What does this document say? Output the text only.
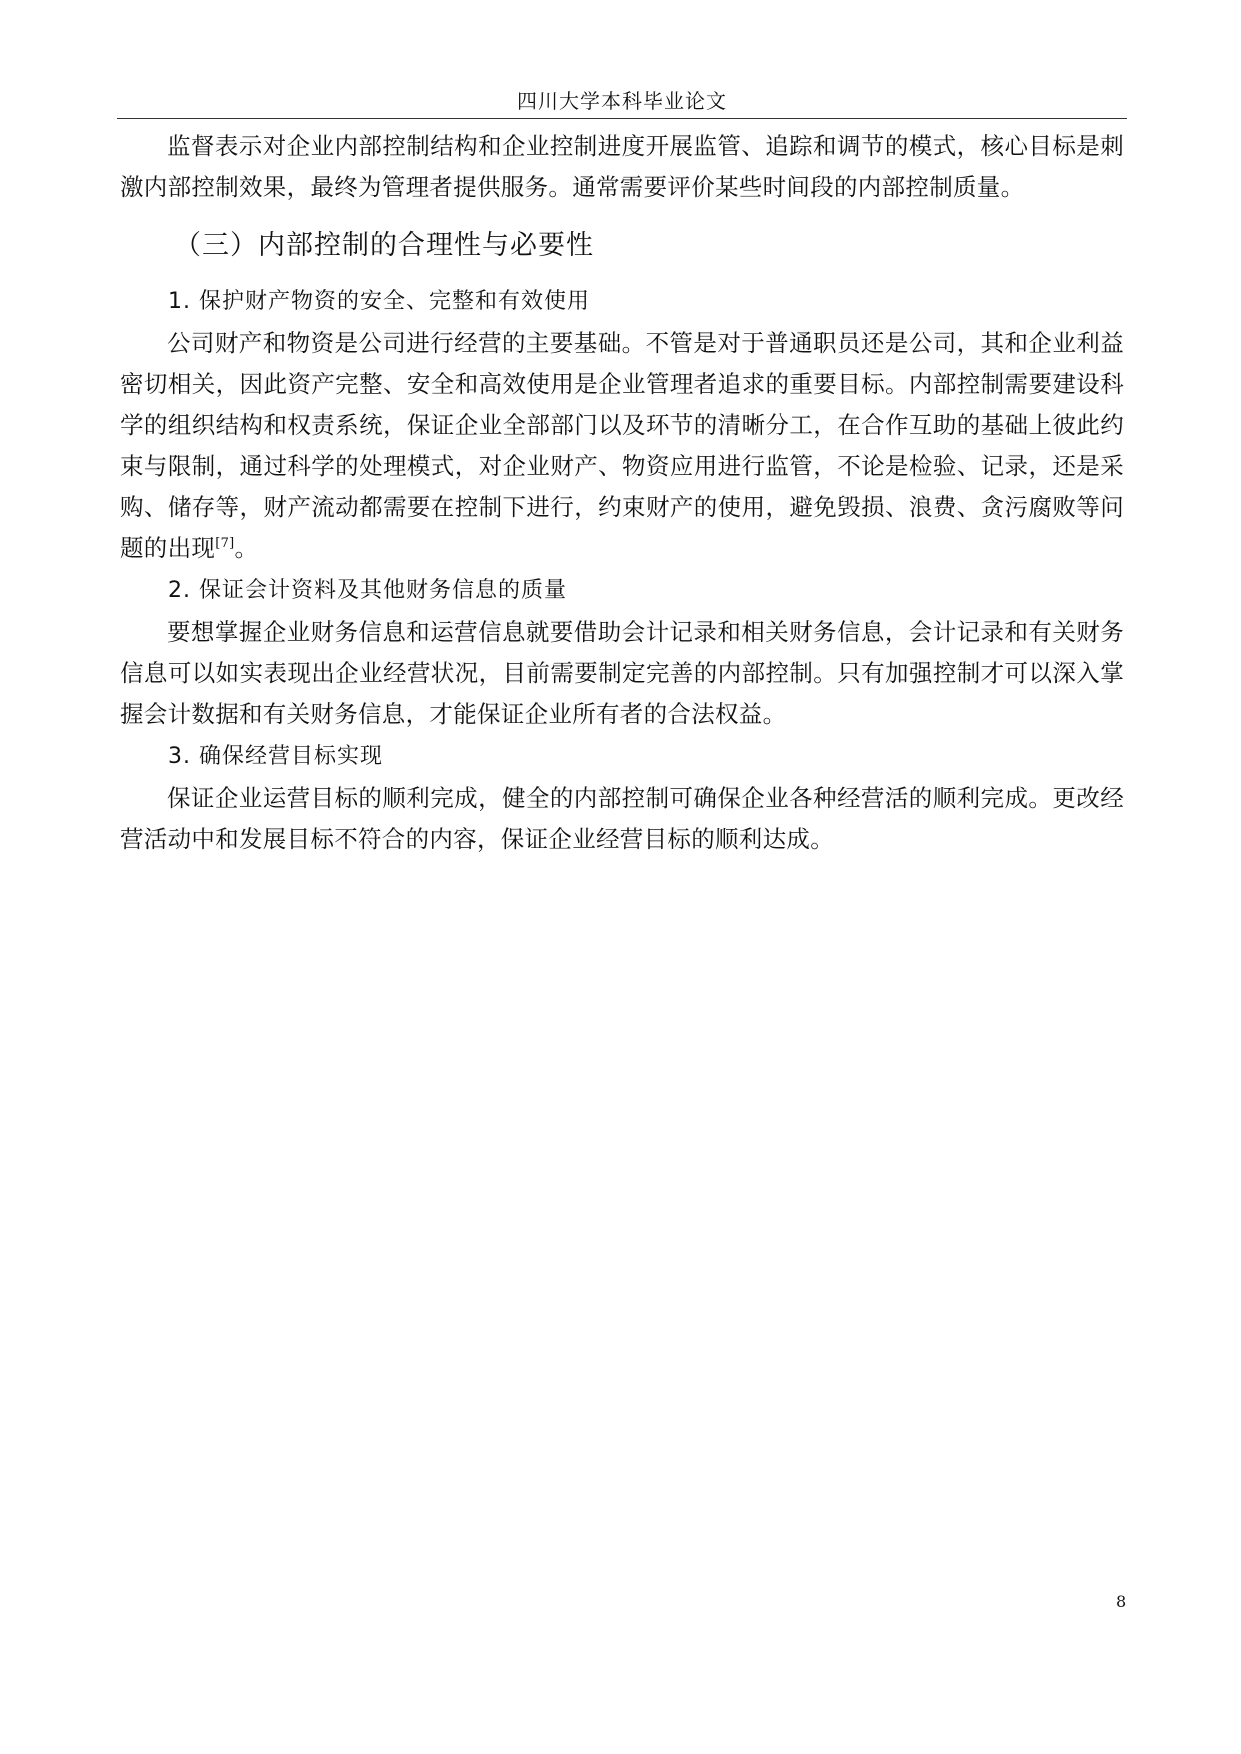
四川大学本科毕业论文

监督表示对企业内部控制结构和企业控制进度开展监管、追踪和调节的模式，核心目标是刺激内部控制效果，最终为管理者提供服务。通常需要评价某些时间段的内部控制质量。

（三）内部控制的合理性与必要性
1. 保护财产物资的安全、完整和有效使用

公司财产和物资是公司进行经营的主要基础。不管是对于普通职员还是公司，其和企业利益密切相关，因此资产完整、安全和高效使用是企业管理者追求的重要目标。内部控制需要建设科学的组织结构和权责系统，保证企业全部部门以及环节的清晰分工，在合作互助的基础上彼此约束与限制，通过科学的处理模式，对企业财产、物资应用进行监管，不论是检验、记录，还是采购、储存等，财产流动都需要在控制下进行，约束财产的使用，避免毁损、浪费、贪污腐败等问题的出现[7]。

2. 保证会计资料及其他财务信息的质量

要想掌握企业财务信息和运营信息就要借助会计记录和相关财务信息，会计记录和有关财务信息可以如实表现出企业经营状况，目前需要制定完善的内部控制。只有加强控制才可以深入掌握会计数据和有关财务信息，才能保证企业所有者的合法权益。

3. 确保经营目标实现

保证企业运营目标的顺利完成，健全的内部控制可确保企业各种经营活的顺利完成。更改经营活动中和发展目标不符合的内容，保证企业经营目标的顺利达成。

8
